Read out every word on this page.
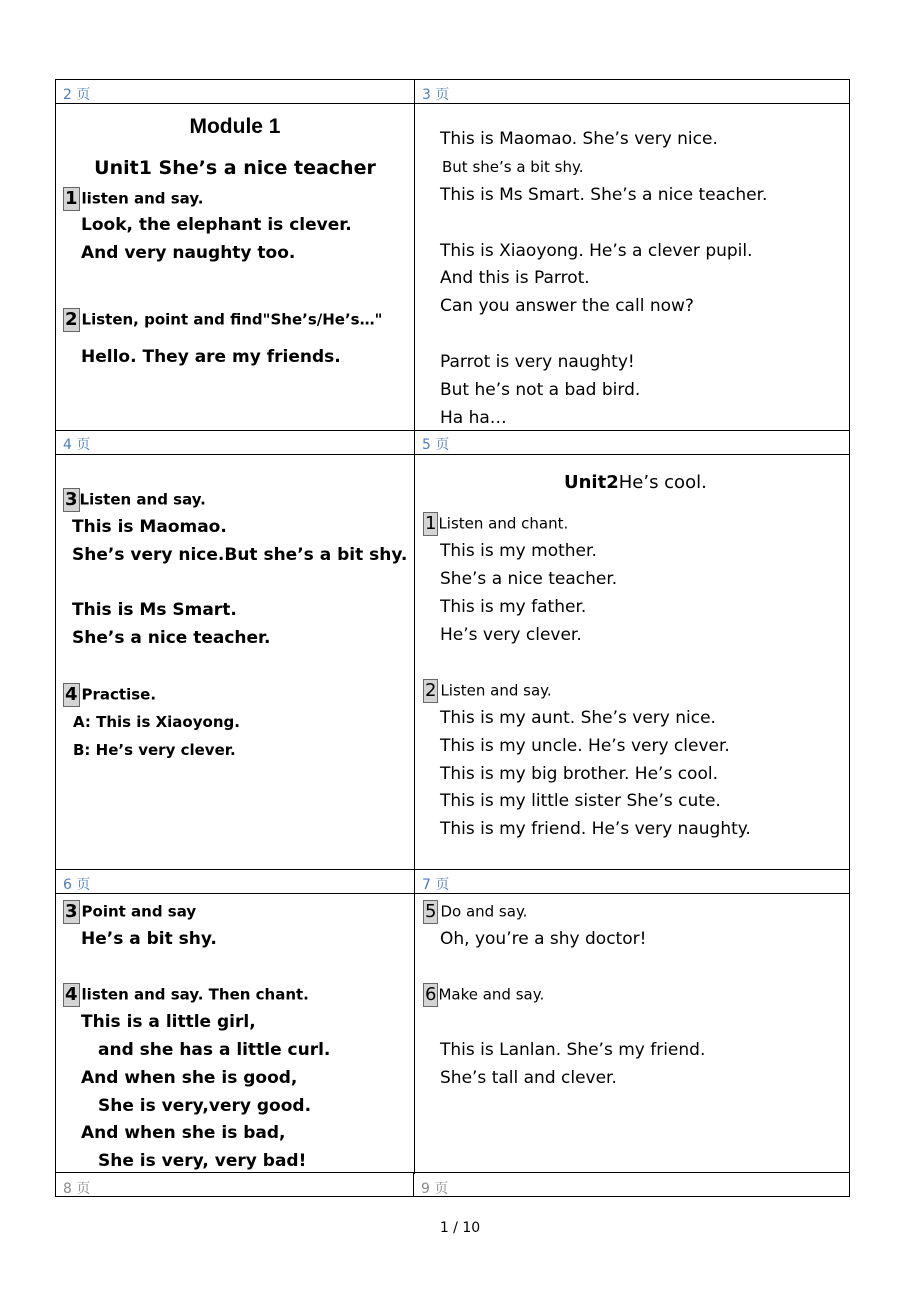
2 页	3 页
4 页	5 页
6 页	7 页
8 页	9 页
Module 1
Unit1 She’s a nice teacher
1 listen and say.
Look, the elephant is clever.
And very naughty too.
2 Listen, point and find"She’s/He’s…"
Hello. They are my friends.
This is Maomao. She’s very nice.
But she’s a bit shy.
This is Ms Smart. She’s a nice teacher.
This is Xiaoyong. He’s a clever pupil.
And this is Parrot.
Can you answer the call now?
Parrot is very naughty!
But he’s not a bad bird.
Ha ha…
3 Listen and say.
This is Maomao.
She’s very nice.But she’s a bit shy.
This is Ms Smart.
She’s a nice teacher.
4 Practise.
A: This is Xiaoyong.
B: He’s very clever.
Unit2He’s cool.
1 Listen and chant.
This is my mother.
She’s a nice teacher.
This is my father.
He’s very clever.
2 Listen and say.
This is my aunt. She’s very nice.
This is my uncle. He’s very clever.
This is my big brother. He’s cool.
This is my little sister She’s cute.
This is my friend. He’s very naughty.
3 Point and say
He’s a bit shy.
4 listen and say. Then chant.
This is a little girl,
and she has a little curl.
And when she is good,
She is very,very good.
And when she is bad,
She is very, very bad!
5 Do and say.
Oh, you’re a shy doctor!
6 Make and say.
This is Lanlan. She’s my friend.
She’s tall and clever.
1 / 10
